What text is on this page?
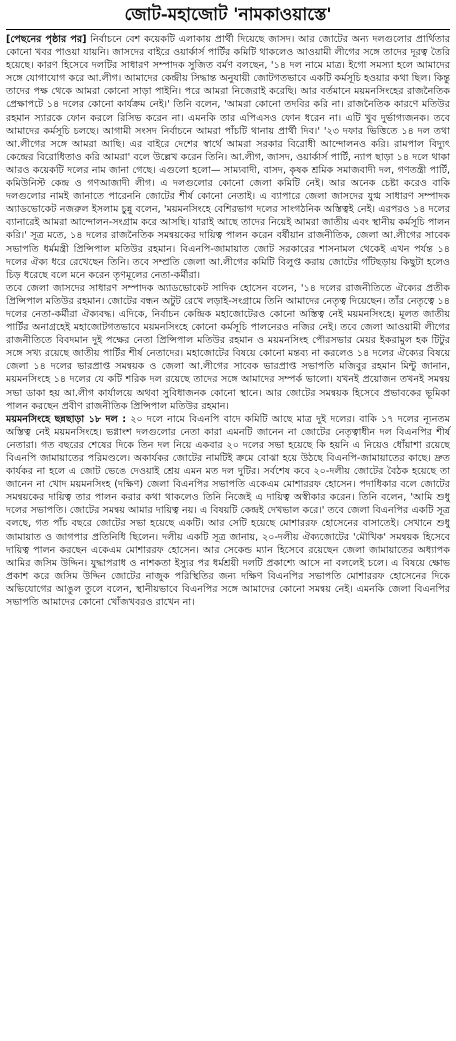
জোট-মহাজোট 'নামকাওয়াস্তে'

[পেছনের পৃষ্ঠার পর] নির্বাচনে বেশ কয়েকটি এলাকায় প্রার্থী দিয়েছে জাসদ। আর জোটের অন্য দলগুলোর প্রার্থিতার কোনো খবর পাওয়া যায়নি। জাসদের বাইরে ওয়ার্কার্স পার্টির কমিটি থাকলেও আওয়ামী লীগের সঙ্গে তাদের দূরত্ব তৈরি হয়েছে। কারণ হিসেবে দলটির সাধারণ সম্পাদক সুজিত বর্মণ বলছেন, '১৪ দল নামে মাত্র। ইগো সমস্যা হলে আমাদের সঙ্গে যোগাযোগ করে আ.লীগ। আমাদের কেন্দ্রীয় সিদ্ধান্ত অনুযায়ী জোটগতভাবে একটি কর্মসূচি হওয়ার কথা ছিল। কিন্তু তাদের পক্ষ থেকে আমরা কোনো সাড়া পাইনি। পরে আমরা নিজেরাই করেছি। আর বর্তমানে ময়মনসিংহের রাজনৈতিক প্রেক্ষাপটে ১৪ দলের কোনো কার্যক্রম নেই।' তিনি বলেন, 'আমরা কোনো তদবির করি না। রাজনৈতিক কারণে মতিউর রহমান স্যারকে ফোন করলে রিসিভ করেন না। এমনকি তার এপিএসও ফোন ধরেন না। এটি খুব দুর্ভাগ্যজনক। তবে আমাদের কর্মসূচি চলছে। আগামী সংসদ নির্বাচনে আমরা পাঁচটি থানায় প্রার্থী দিব।' '২৩ দফার ভিত্তিতে ১৪ দল তথা আ.লীগের সঙ্গে আমরা আছি। এর বাইরে দেশের স্বার্থে আমরা সরকার বিরোধী আন্দোলনও করি। রামপাল বিদ্যুৎ কেন্দ্রের বিরোধিতাও করি আমরা' বলে উল্লেখ করেন তিনি। আ.লীগ, জাসদ, ওয়ার্কার্স পার্টি, ন্যাপ ছাড়া ১৪ দলে থাকা আরও কয়েকটি দলের নাম জানা গেছে। এগুলো হলো— সাম্যবাদী, বাসদ, কৃষক শ্রমিক সমাজবাদী দল, গণতন্ত্রী পার্টি, কমিউনিস্ট কেন্দ্র ও গণআজাদী লীগ। এ দলগুলোর কোনো জেলা কমিটি নেই। আর অনেক চেষ্টা করেও বাকি দলগুলোর নামই জানাতে পারেননি জোটের শীর্ষ কোনো নেতাই। এ ব্যাপারে জেলা জাসদের যুগ্ম সাধারণ সম্পাদক অ্যাডভোকেট নজরুল ইসলাম চুন্নু বলেন, 'ময়মনসিংহে বেশিরভাগ দলের সাংগঠনিক অস্তিত্বই নেই। এরপরও ১৪ দলের ব্যানারেই আমরা আন্দোলন-সংগ্রাম করে আসছি। যারাই আছে তাদের নিয়েই আমরা জাতীয় এবং স্থানীয় কর্মসূচি পালন করি।' সূত্র মতে, ১৪ দলের রাজনৈতিক সমন্বয়কের দায়িত্ব পালন করেন বর্ষীয়ান রাজনীতিক, জেলা আ.লীগের সাবেক সভাপতি ধর্মমন্ত্রী প্রিন্সিপাল মতিউর রহমান। বিএনপি-জামায়াত জোট সরকারের শাসনামল থেকেই এখন পর্যন্ত ১৪ দলের ঐক্য ধরে রেখেছেন তিনি। তবে সম্প্রতি জেলা আ.লীগের কমিটি বিলুপ্ত করায় জোটের গাঁটছড়ায় কিছুটা হলেও চিড় ধরেছে বলে মনে করেন তৃণমূলের নেতা-কর্মীরা।

তবে জেলা জাসদের সাধারণ সম্পাদক অ্যাডভোকেট সাদিক হোসেন বলেন, '১৪ দলের রাজনীতিতে ঐক্যের প্রতীক প্রিন্সিপাল মতিউর রহমান। জোটের বন্ধন অটুট রেখে লড়াই-সংগ্রামে তিনি আমাদের নেতৃত্ব দিয়েছেন। তাঁর নেতৃত্বে ১৪ দলের নেতা-কর্মীরা ঐক্যবদ্ধ। এদিকে, নির্বাচন কেন্দ্রিক মহাজোটেরও কোনো অস্তিত্ব নেই ময়মনসিংহে। মূলত জাতীয় পার্টির অনাগ্রহেই মহাজোটগতভাবে ময়মনসিংহে কোনো কর্মসূচি পালনেরও নজির নেই। তবে জেলা আওয়ামী লীগের রাজনীতিতে বিবদমান দুই পক্ষের নেতা প্রিন্সিপাল মতিউর রহমান ও ময়মনসিংহ পৌরসভার মেয়র ইকরামুল হক টিটুর সঙ্গে সখ্য রয়েছে জাতীয় পার্টির শীর্ষ নেতাদের। মহাজোটের বিষয়ে কোনো মন্তব্য না করলেও ১৪ দলের ঐক্যের বিষয়ে জেলা ১৪ দলের ভারপ্রাপ্ত সমন্বয়ক ও জেলা আ.লীগের সাবেক ভারপ্রাপ্ত সভাপতি মজিবুর রহমান মিন্টু জানান, ময়মনসিংহে ১৪ দলের যে কটি শরিক দল রয়েছে তাদের সঙ্গে আমাদের সম্পর্ক ভালো। যখনই প্রয়োজন তখনই সমন্বয় সভা ডাকা হয় আ.লীগ কার্যালয়ে অথবা সুবিধাজনক কোনো স্থানে। আর জোটের সমন্বয়ক হিসেবে প্রভাবকের ভূমিকা পালন করছেন প্রবীণ রাজনীতিক প্রিন্সিপাল মতিউর রহমান।

ময়মনসিংহে ছন্নছাড়া ১৮ দল : ২০ দলে নামে বিএনপি বাদে কমিটি আছে মাত্র দুই দলের। বাকি ১৭ দলের ন্যূনতম অস্তিত্ব নেই ময়মনসিংহে। ভগ্নাংশ দলগুলোর নেতা কারা এমনটি জানেন না জোটের নেতৃত্বাধীন দল বিএনপির শীর্ষ নেতারা। গত বছরের শেষের দিকে তিন দল নিয়ে একবার ২০ দলের সভা হয়েছে কি হয়নি এ নিয়েও ধোঁয়াশা রয়েছে বিএনপি জামায়াতের পরিমণ্ডলে। অকার্যকর জোটের নামটিই ক্রমে বোঝা হয়ে উঠছে বিএনপি-জামায়াতের কাছে। দ্রুত কার্যকর না হলে এ জোট ভেঙে দেওয়াই শ্রেয় এমন মত দল দুটির। সর্বশেষ কবে ২০-দলীয় জোটের বৈঠক হয়েছে তা জানেন না খোদ ময়মনসিংহ (দক্ষিণ) জেলা বিএনপির সভাপতি একেএম মোশাররফ হোসেন। পদাধিকার বলে জোটের সমন্বয়কের দায়িত্ব তার পালন করার কথা থাকলেও তিনি নিজেই এ দায়িত্ব অস্বীকার করেন। তিনি বলেন, 'আমি শুধু দলের সভাপতি। জোটের সমন্বয় আমার দায়িত্ব নয়। এ বিষয়টি কেন্দ্রই দেখভাল করে।' তবে জেলা বিএনপির একটি সূত্র বলছে, গত পাঁচ বছরে জোটের সভা হয়েছে একটি। আর সেটি হয়েছে মোশাররফ হোসেনের বাসাতেই। সেখানে শুধু জামায়াত ও জাগপার প্রতিনিধি ছিলেন। দলীয় একটি সূত্র জানায়, ২০-দলীয় ঐক্যজোটের 'মৌখিক' সমন্বয়ক হিসেবে দায়িত্ব পালন করছেন একেএম মোশাররফ হোসেন। আর সেকেন্ড ম্যান হিসেবে রয়েছেন জেলা জামায়াতের অধ্যাপক আমির জসিম উদ্দিন। যুদ্ধাপরাধ ও নাশকতা ইস্যুর পর ধর্মশ্রয়ী দলটি প্রকাশ্যে আসে না বললেই চলে। এ বিষয়ে ক্ষোভ প্রকাশ করে জসিম উদ্দিন জোটের নাজুক পরিস্থিতির জন্য দক্ষিণ বিএনপির সভাপতি মোশাররফ হোসেনের দিকে অভিযোগের আঙুল তুলে বলেন, স্থানীয়ভাবে বিএনপির সঙ্গে আমাদের কোনো সমন্বয় নেই। এমনকি জেলা বিএনপির সভাপতি আমাদের কোনো খোঁজখবরও রাখেন না।
